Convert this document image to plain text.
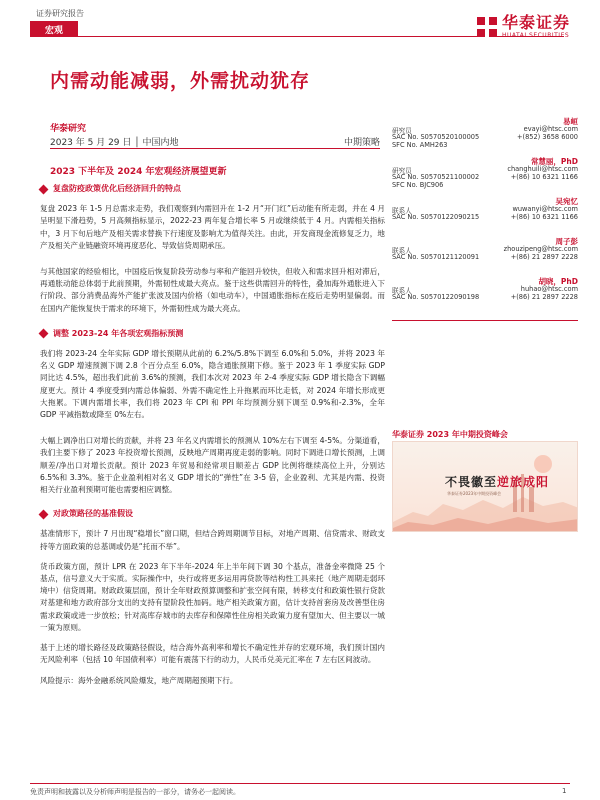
证券研究报告
宏观	华泰证券
HUATAI SECURITIES
内需动能减弱，外需扰动犹存
华泰研究
2023 年 5 月 29 日 │ 中国内地	中期策略
2023 下半年及 2024 年宏观经济展望更新
复盘防疫政策优化后经济回升的特点

复盘 2023 年 1-5 月总需求走势，我们观察到内需回升在 1-2 月“开门红”后动能有所走弱，并在 4 月呈明显下滑趋势，5 月高频指标显示，2022-23 两年复合增长率 5 月或继续低于 4 月。内需相关指标中，3 月下旬后地产及相关需求替换下行速度及影响尤为值得关注。由此，开发商现金流修复乏力，地产及相关产业链融资环境再度恶化、导致信贷周期承压。

与其他国家的经验相比，中国疫后恢复阶段劳动参与率和产能回升较快，但收入和需求回升相对滞后，再通胀动能总体弱于此前预期，外需韧性成最大亮点。鉴于这些供需回升的特性，叠加海外通胀进入下行阶段、部分消费品海外产能扩张波及国内价格（如电动车），中国通胀指标在疫后走势明显偏弱。而在国内产能恢复快于需求的环境下，外需韧性成为最大亮点。

调整 2023-24 年各项宏观指标预测

我们将 2023-24 全年实际 GDP 增长预期从此前的 6.2%/5.8%下调至 6.0%和 5.0%，并将 2023 年名义 GDP 增速预测下调 2.8 个百分点至 6.0%，隐含通胀预期下修。鉴于 2023 年 1 季度实际 GDP 同比达 4.5%，超出我们此前 3.6%的预测，我们本次对 2023 年 2-4 季度实际 GDP 增长隐含下调幅度更大。预计 4 季度受到内需总体偏弱、外需不确定性上升拖累而环比走低，对 2024 年增长形成更大拖累。下调内需增长率，我们将 2023 年 CPI 和 PPI 年均预测分别下调至 0.9%和-2.3%，全年 GDP 平减指数或降至 0%左右。

大幅上调净出口对增长的贡献，并将 23 年名义内需增长的预测从 10%左右下调至 4-5%。分渠道看，我们主要下修了 2023 年投资增长预测，反映地产周期再度走弱的影响。同时下调进口增长预测，上调顺差/净出口对增长贡献。预计 2023 年贸易和经常项目顺差占 GDP 比例将继续高位上升，分别达 6.5%和 3.3%。鉴于企业盈利相对名义 GDP 增长的“弹性”在 3-5 倍，企业盈利、尤其是内需、投资相关行业盈利预期可能也需要相应调整。

对政策路径的基准假设

基准情形下，预计 7 月出现“稳增长”窗口期，但结合跨周期调节目标，对地产周期、信贷需求、财政支持等方面政策的总基调或仍是“托而不举”。

货币政策方面，预计 LPR 在 2023 年下半年-2024 年上半年间下调 30 个基点，准备金率微降 25 个基点，信号意义大于实质。实际操作中，央行或将更多运用再贷款等结构性工具来托（地产周期走弱环境中）信贷周期。财政政策层面，预计全年财政预算调整和扩张空间有限，转移支付和政策性银行贷款对基建和地方政府部分支出的支持有望阶段性加码。地产相关政策方面，估计支持首套房及改善型住房需求政策或进一步放松；针对高库存城市的去库存和保障性住房相关政策力度有望加大、但主要以一城一策为原则。

基于上述的增长路径及政策路径假设，结合海外高利率和增长不确定性并存的宏观环境，我们预计国内无风险利率（包括 10 年国债利率）可能有震荡下行的动力，人民币兑美元汇率在 7 左右区间波动。

风险提示：海外金融系统风险爆发，地产周期超预期下行。

易峘
研究员
SAC No. S0570520100005
SFC No. AMH263
evayi@htsc.com
+(852) 3658 6000
常慧丽，PhD
研究员
SAC No. S0570521100002
SFC No. BJC906
changhuili@htsc.com
+(86) 10 6321 1166
吴宛忆
联系人
SAC No. S0570122090215
wuwanyi@htsc.com
+(86) 10 6321 1166
周子彭
联系人
SAC No. S0570121120091
zhouzipeng@htsc.com
+(86) 21 2897 2228
胡晓，PhD
联系人
SAC No. S0570122090198
huhao@htsc.com
+(86) 21 2897 2228
华泰证券 2023 年中期投资峰会
不畏徽至逆旅成阳
华泰证券2023年中期投资峰会
免责声明和披露以及分析师声明是报告的一部分，请务必一起阅读。	1
